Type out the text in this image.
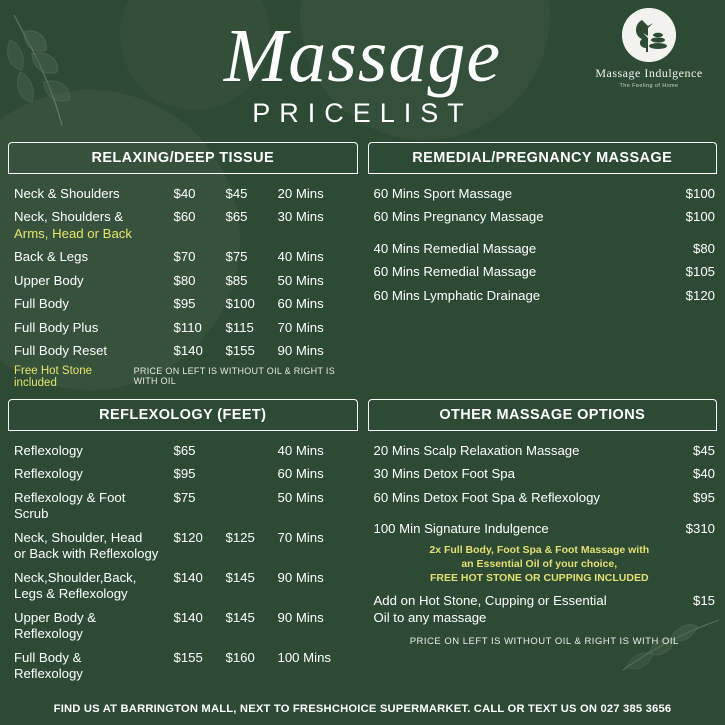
Massage Indulgence
The Feeling of Home
Massage
PRICELIST
RELAXING/DEEP TISSUE
Neck & Shoulders	$40	$45	20 Mins
Neck, Shoulders &
Arms, Head or Back
$60	$65	30 Mins
Back & Legs	$70	$75	40 Mins
Upper Body	$80	$85	50 Mins
Full Body	$95	$100	60 Mins
Full Body Plus	$110	$115	70 Mins
Full Body Reset	$140	$155	90 Mins
Free Hot Stone included
PRICE ON LEFT IS WITHOUT OIL & RIGHT IS WITH OIL
REMEDIAL/PREGNANCY MASSAGE
60 Mins Sport Massage	$100
60 Mins Pregnancy Massage	$100
40 Mins Remedial Massage	$80
60 Mins Remedial Massage	$105
60 Mins Lymphatic Drainage	$120
REFLEXOLOGY (FEET)
Reflexology	$65	40 Mins
Reflexology	$95	60 Mins
Reflexology & Foot
Scrub
$75	50 Mins
Neck, Shoulder, Head
or Back with Reflexology
$120	$125	70 Mins
Neck,Shoulder,Back,
Legs & Reflexology
$140	$145	90 Mins
Upper Body &
Reflexology
$140	$145	90 Mins
Full Body &
Reflexology
$155	$160	100 Mins
OTHER MASSAGE OPTIONS
20 Mins Scalp Relaxation Massage	$45
30 Mins Detox Foot Spa	$40
60 Mins Detox Foot Spa & Reflexology	$95
100 Min Signature Indulgence	$310
2x Full Body, Foot Spa & Foot Massage with
an Essential Oil of your choice,
FREE HOT STONE OR CUPPING INCLUDED
Add on Hot Stone, Cupping or Essential
Oil to any massage
$15
PRICE ON LEFT IS WITHOUT OIL & RIGHT IS WITH OIL
FIND US AT BARRINGTON MALL, NEXT TO FRESHCHOICE SUPERMARKET. CALL OR TEXT US ON 027 385 3656
